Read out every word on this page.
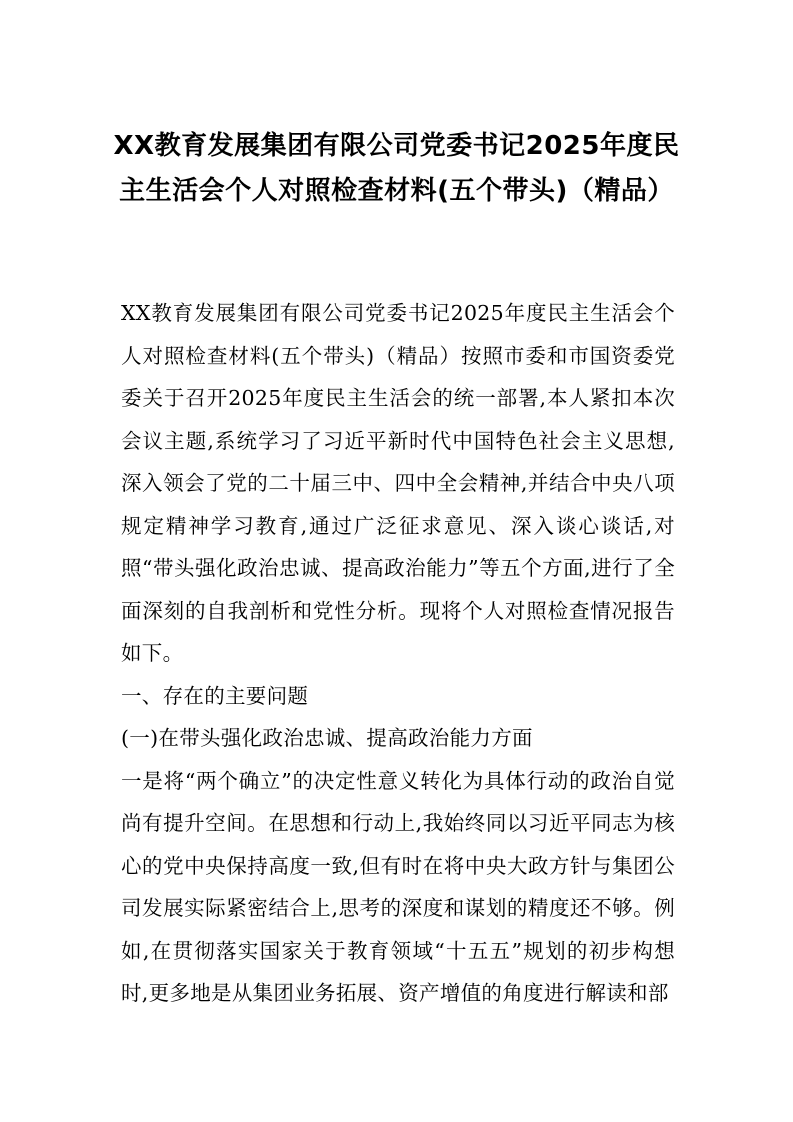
XX教育发展集团有限公司党委书记2025年度民主生活会个人对照检查材料(五个带头)（精品）

XX教育发展集团有限公司党委书记2025年度民主生活会个人对照检查材料(五个带头)（精品）按照市委和市国资委党委关于召开2025年度民主生活会的统一部署,本人紧扣本次会议主题,系统学习了习近平新时代中国特色社会主义思想,深入领会了党的二十届三中、四中全会精神,并结合中央八项规定精神学习教育,通过广泛征求意见、深入谈心谈话,对照“带头强化政治忠诚、提高政治能力”等五个方面,进行了全面深刻的自我剖析和党性分析。现将个人对照检查情况报告如下。

一、存在的主要问题

(一)在带头强化政治忠诚、提高政治能力方面

一是将“两个确立”的决定性意义转化为具体行动的政治自觉尚有提升空间。在思想和行动上,我始终同以习近平同志为核心的党中央保持高度一致,但有时在将中央大政方针与集团公司发展实际紧密结合上,思考的深度和谋划的精度还不够。例如,在贯彻落实国家关于教育领域“十五五”规划的初步构想时,更多地是从集团业务拓展、资产增值的角度进行解读和部
